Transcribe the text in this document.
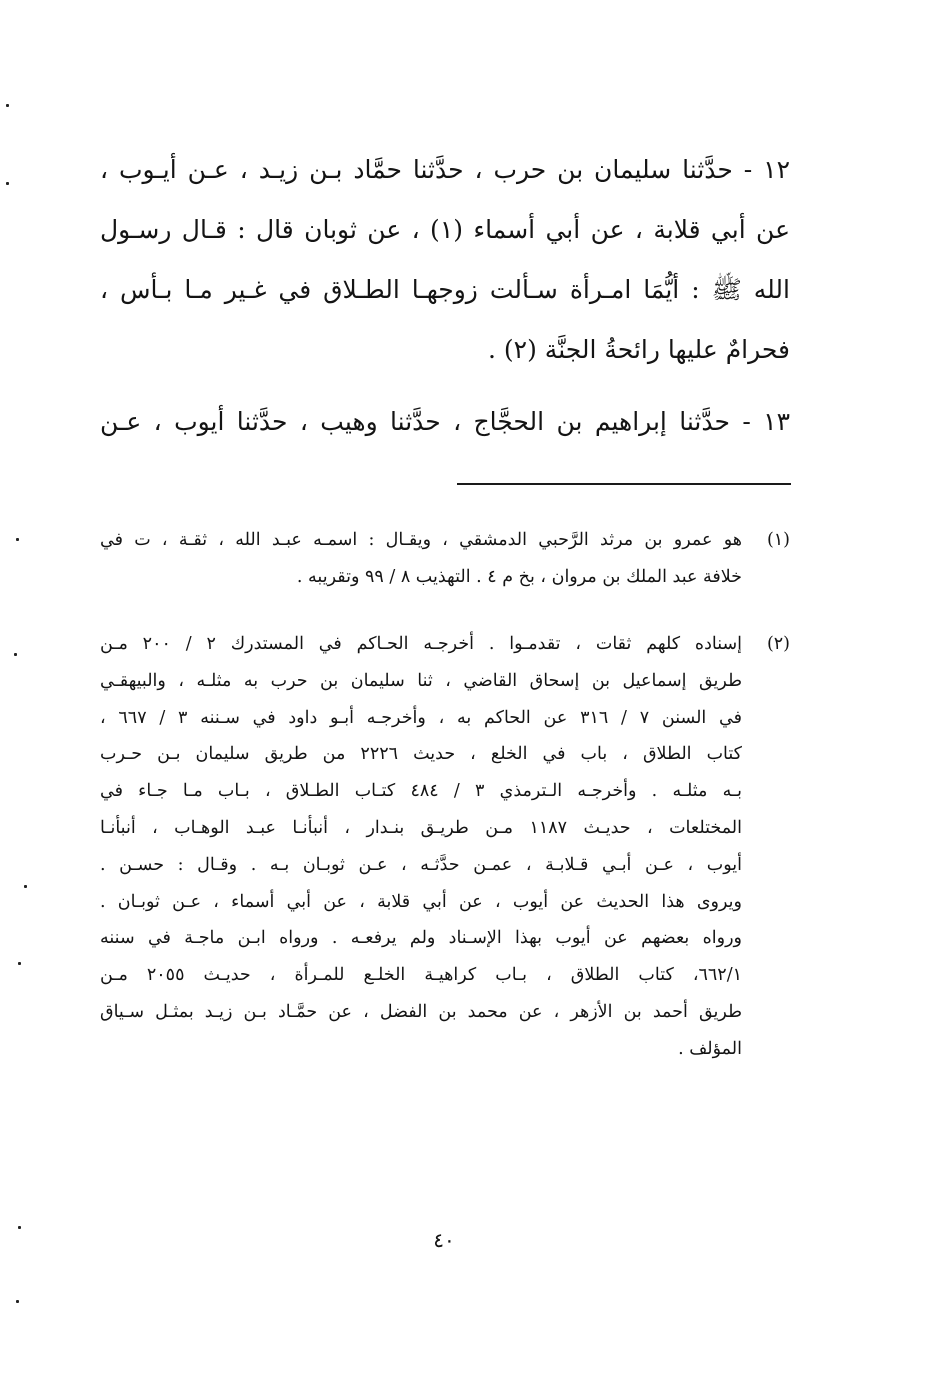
١٢ - حدَّثنا سليمان بن حرب ، حدَّثنا حمَّاد بـن زيـد ، عـن أيـوب ،
عن أبي قلابة ، عن أبي أسماء (١) ، عن ثوبان قال : قـال رسـول
الله ﷺ : أيُّمَا امـرأة سـألت زوجهـا الطـلاق في غـير مـا بـأس ،
فحرامٌ عليها رائحةُ الجنَّة (٢) .
١٣ - حدَّثنا إبراهيم بن الحجَّاج ، حدَّثنا وهيب ، حدَّثنا أيوب ، عـن
(١)
هو عمرو بن مرثد الرَّحبي الدمشقي ، ويقـال : اسمـه عبـد الله ، ثقـة ، ت في
خلافة عبد الملك بن مروان ، بخ م ٤ . التهذيب ٨ / ٩٩ وتقريبه .
(٢)
إسناده كلهم ثقات ، تقدمـوا . أخرجـه الحـاكم في المستدرك ٢ / ٢٠٠ مـن
طريق إسماعيل بن إسحاق القاضي ، ثنا سليمان بن حرب به مثلـه ، والبيهقـي
في السنن ٧ / ٣١٦ عن الحاكم به ، وأخرجـه أبـو داود في سـننه ٣ / ٦٦٧ ،
كتاب الطلاق ، باب في الخلع ، حديث ٢٢٢٦ من طريق سليمان بـن حـرب
بـه مثلـه . وأخرجـه الـترمذي ٣ / ٤٨٤ كتـاب الطـلاق ، بـاب مـا جـاء في
المختلعات ، حديـث ١١٨٧ مـن طريـق بنـدار ، أنبأنـا عبـد الوهـاب ، أنبأنـا
أيوب ، عـن أبـي قـلابـة ، عمـن حدَّثـه ، عـن ثوبـان بـه . وقـال : حسـن .
ويروى هذا الحديث عن أيوب ، عن أبي قلابة ، عن أبي أسماء ، عـن ثوبـان .
ورواه بعضهم عن أيوب بهذا الإسـناد ولم يرفعـه . ورواه ابـن ماجـة في سننه
٦٦٢/١، كتاب الطلاق ، بـاب كراهيـة الخلـع للمـرأة ، حديـث ٢٠٥٥ مـن
طريق أحمد بن الأزهر ، عن محمد بن الفضل ، عن حمَّـاد بـن زيـد بمثـل سـياق
المؤلف .
٤٠
